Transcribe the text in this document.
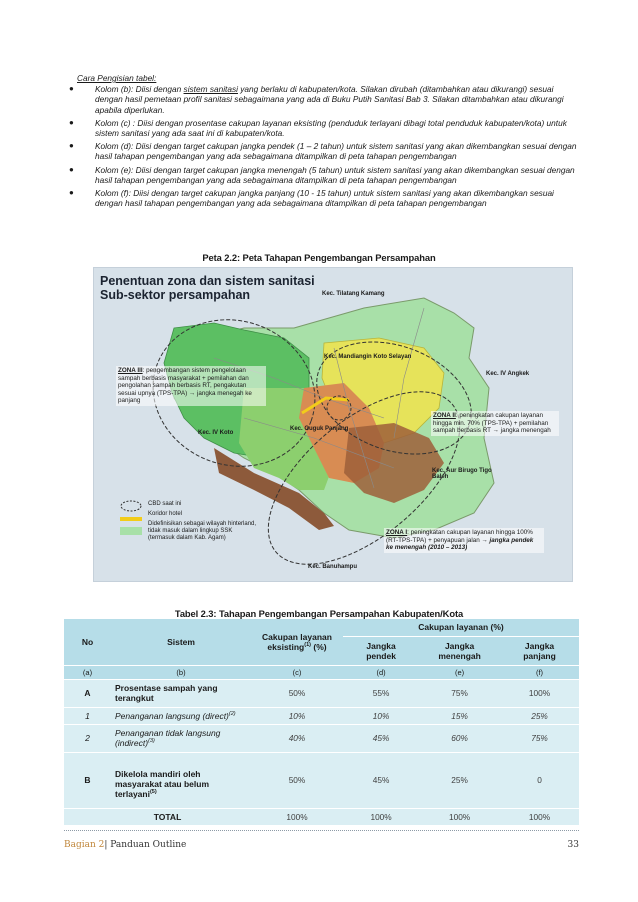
Cara Pengisian tabel:
●	Kolom (b): Diisi dengan sistem sanitasi yang berlaku di kabupaten/kota. Silakan dirubah (ditambahkan atau dikurangi) sesuai dengan hasil pemetaan profil sanitasi sebagaimana yang ada di Buku Putih Sanitasi Bab 3. Silakan ditambahkan atau dikurangi apabila diperlukan.
●	Kolom (c) : Diisi dengan prosentase cakupan layanan eksisting (penduduk terlayani dibagi total penduduk kabupaten/kota) untuk sistem sanitasi yang ada saat ini di kabupaten/kota.
●	Kolom (d): Diisi dengan target cakupan jangka pendek (1 – 2 tahun) untuk sistem sanitasi yang akan dikembangkan sesuai dengan hasil tahapan pengembangan yang ada sebagaimana ditampilkan di peta tahapan pengembangan
●	Kolom (e): Diisi dengan target cakupan jangka menengah (5 tahun) untuk sistem sanitasi yang akan dikembangkan sesuai dengan hasil tahapan pengembangan yang ada sebagaimana ditampilkan di peta tahapan pengembangan
●	Kolom (f): Diisi dengan target cakupan jangka panjang (10 - 15 tahun) untuk sistem sanitasi yang akan dikembangkan sesuai dengan hasil tahapan pengembangan yang ada sebagaimana ditampilkan di peta tahapan pengembangan
Peta 2.2: Peta Tahapan Pengembangan Persampahan
Penentuan zona dan sistem sanitasi
Sub-sektor persampahan	Kec. Tilatang Kamang
Kec. Mandiangin Koto Selayan
Kec. IV Angkek
Kec. IV Koto
Kec. Guguk Panjang
Kec. Aur Birugo Tigo Baleh
Kec. Banuhampu
ZONA III: pengembangan sistem pengelolaan sampah berbasis masyarakat + pemilahan dan pengolahan sampah berbasis RT, pengakutan sesuai upnya (TPS-TPA) → jangka menegah ke panjang
ZONA II: peningkatan cakupan layanan hingga min. 70% (TPS-TPA) + pemilahan sampah berbasis RT → jangka menengah
ZONA I: peningkatan cakupan layanan hingga 100% (RT-TPS-TPA) + penyapuan jalan → jangka pendek ke menengah (2010 – 2013)
CBD saat ini
Koridor hotel
Didefinisikan sebagai wilayah hinterland, tidak masuk dalam lingkup SSK (termasuk dalam Kab. Agam)
Tabel 2.3: Tahapan Pengembangan Persampahan Kabupaten/Kota
No	Sistem	Cakupan layanan eksisting$^{(1)}$ (%)	Cakupan layanan (%)		
			Jangka pendek	Jangka menengah	Jangka panjang
(a)	(b)	(c)	(d)	(e)	(f)
A	Prosentase sampah yang terangkut	50%	55%	75%	100%
1	Penanganan langsung (direct)$^{(2)}$	10%	10%	15%	25%
2	Penanganan tidak langsung (indirect)$^{(3)}$	40%	45%	60%	75%
B	Dikelola mandiri oleh masyarakat atau belum terlayani$^{(5)}$	50%	45%	25%	0
TOTAL		100%	100%	100%	100%
Bagian 2| Panduan Outline	33
